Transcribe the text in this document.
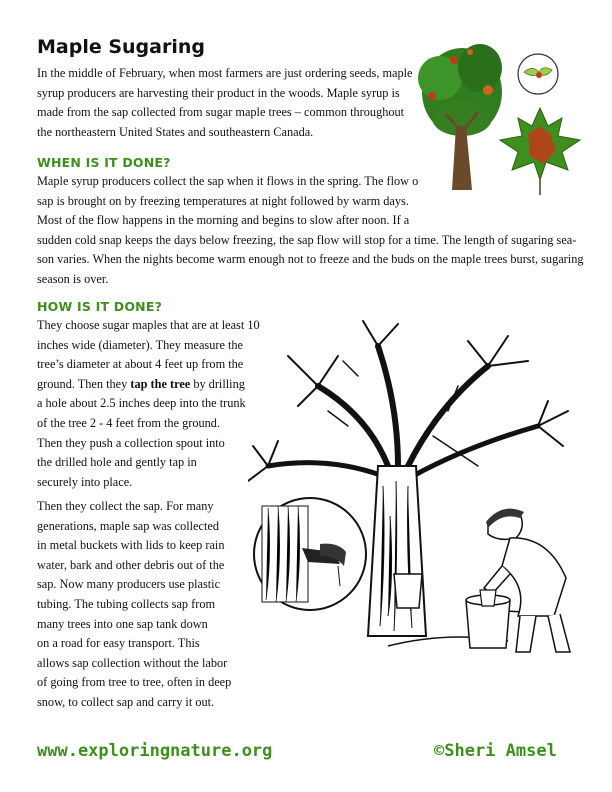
Maple Sugaring
In the middle of February, when most farmers are just ordering seeds, maple
syrup producers are harvesting their product in the woods. Maple syrup is
made from the sap collected from sugar maple trees – common throughout
the northeastern United States and southeastern Canada.
WHEN IS IT DONE?
Maple syrup producers collect the sap when it flows in the spring. The flow o
sap is brought on by freezing temperatures at night followed by warm days.
Most of the flow happens in the morning and begins to slow after noon. If a
sudden cold snap keeps the days below freezing, the sap flow will stop for a time. The length of sugaring sea-
son varies. When the nights become warm enough not to freeze and the buds on the maple trees burst, sugaring
season is over.
HOW IS IT DONE?
They choose sugar maples that are at least 10
inches wide (diameter). They measure the
tree’s diameter at about 4 feet up from the
ground. Then they tap the tree by drilling
a hole about 2.5 inches deep into the trunk
of the tree 2 - 4 feet from the ground.
Then they push a collection spout into
the drilled hole and gently tap in
securely into place.
Then they collect the sap. For many
generations, maple sap was collected
in metal buckets with lids to keep rain
water, bark and other debris out of the
sap. Now many producers use plastic
tubing. The tubing collects sap from
many trees into one sap tank down
on a road for easy transport. This
allows sap collection without the labor
of going from tree to tree, often in deep
snow, to collect sap and carry it out.
www.exploringnature.org	©Sheri Amsel
